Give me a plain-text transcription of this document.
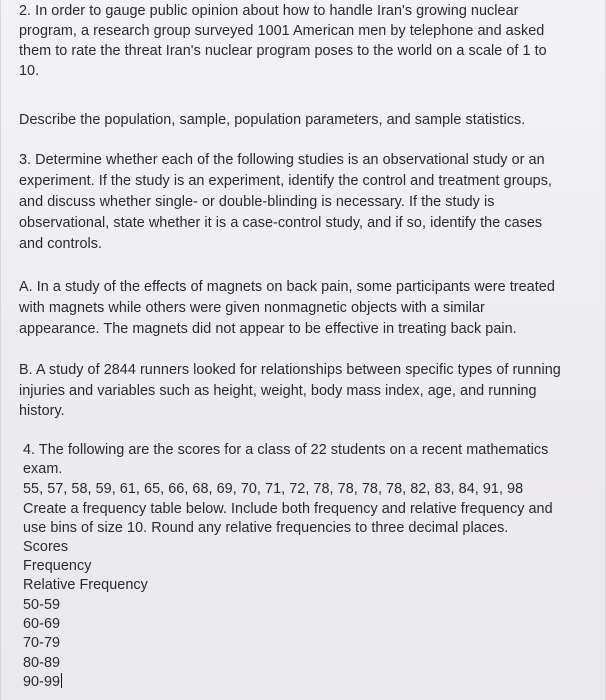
2. In order to gauge public opinion about how to handle Iran's growing nuclear
program, a research group surveyed 1001 American men by telephone and asked
them to rate the threat Iran's nuclear program poses to the world on a scale of 1 to
10.
Describe the population, sample, population parameters, and sample statistics.
3. Determine whether each of the following studies is an observational study or an
experiment. If the study is an experiment, identify the control and treatment groups,
and discuss whether single- or double-blinding is necessary. If the study is
observational, state whether it is a case-control study, and if so, identify the cases
and controls.
A. In a study of the effects of magnets on back pain, some participants were treated
with magnets while others were given nonmagnetic objects with a similar
appearance. The magnets did not appear to be effective in treating back pain.
B. A study of 2844 runners looked for relationships between specific types of running
injuries and variables such as height, weight, body mass index, age, and running
history.
4. The following are the scores for a class of 22 students on a recent mathematics
exam.
55, 57, 58, 59, 61, 65, 66, 68, 69, 70, 71, 72, 78, 78, 78, 78, 82, 83, 84, 91, 98
Create a frequency table below. Include both frequency and relative frequency and
use bins of size 10. Round any relative frequencies to three decimal places.
Scores
Frequency
Relative Frequency
50-59
60-69
70-79
80-89
90-99
